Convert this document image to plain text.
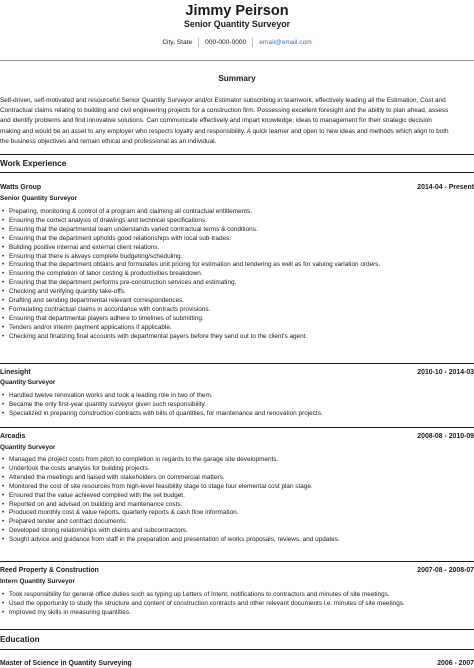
Jimmy Peirson
Senior Quantity Surveyor
City, State 000-000-0000 email@email.com
Summary
Self-driven, self-motivated and resourceful Senior Quantity Surveyor and/or Estimator subscribing in teamwork, effectively leading all the Estimation, Cost and
Contractual claims relating to building and civil engineering projects for a construction firm. Possessing excellent foresight and the ability to plan ahead, assess
and identify problems and find innovative solutions. Can communicate effectively and impart knowledge, ideas to management for their strategic decision
making and would be an asset to any employer who respects loyalty and responsibility. A quick learner and open to new ideas and methods which align to both
the business objectives and remain ethical and professional as an individual.
Work Experience
Watts Group	2014-04 - Present
Senior Quantity Surveyor
• Preparing, monitoring & control of a program and claiming all contractual entitlements.
• Ensuring the correct analysis of drawings and technical specifications.
• Ensuring that the departmental team understands varied contractual terms & conditions.
• Ensuring that the department upholds good relationships with local sub-trades.
• Building positive internal and external client relations.
• Ensuring that there is always complete budgeting/scheduling.
• Ensuring that the department obtains and formulates unit pricing for estimation and tendering as well as for valuing variation orders.
• Ensuring the completion of labor costing & productivities breakdown.
• Ensuring that the department performs pre-construction services and estimating.
• Checking and verifying quantity take-offs.
• Drafting and sending departmental relevant correspondences.
• Formulating contractual claims in accordance with contracts provisions.
• Ensuring that departmental players adhere to timelines of submitting.
• Tenders and/or interim payment applications if applicable.
• Checking and finalizing final accounts with departmental payers before they send out to the client's agent.
Linesight	2010-10 - 2014-03
Quantity Surveyor
• Handled twelve renovation works and took a leading role in two of them.
• Became the only first-year quantity surveyor given such responsibility.
• Specialized in preparing construction contracts with bills of quantities, for maintenance and renovation projects.
Arcadis	2008-08 - 2010-09
Quantity Surveyor
• Managed the project costs from pitch to completion in regards to the garage site developments.
• Undertook the costs analysis for building projects.
• Attended the meetings and liaised with stakeholders on commercial matters.
• Monitored the cost of site resources from high-level feasibility stage to stage four elemental cost plan stage.
• Ensured that the value achieved complied with the set budget.
• Reported on and advised on building and maintenance costs.
• Produced monthly cost & value reports, quarterly reports & cash flow information.
• Prepared tender and contract documents.
• Developed strong relationships with clients and subcontractors.
• Sought advice and guidance from staff in the preparation and presentation of works proposals, reviews, and updates.
Reed Property & Construction	2007-08 - 2008-07
Intern Quantity Surveyor
• Took responsibility for general office duties such as typing up Letters of Intent, notifications to contractors and minutes of site meetings.
• Used the opportunity to study the structure and content of construction contracts and other relevant documents i.e. minutes of site meetings.
• Improved my skills in measuring quantities.
Education
Master of Science in Quantity Surveying	2006 - 2007
